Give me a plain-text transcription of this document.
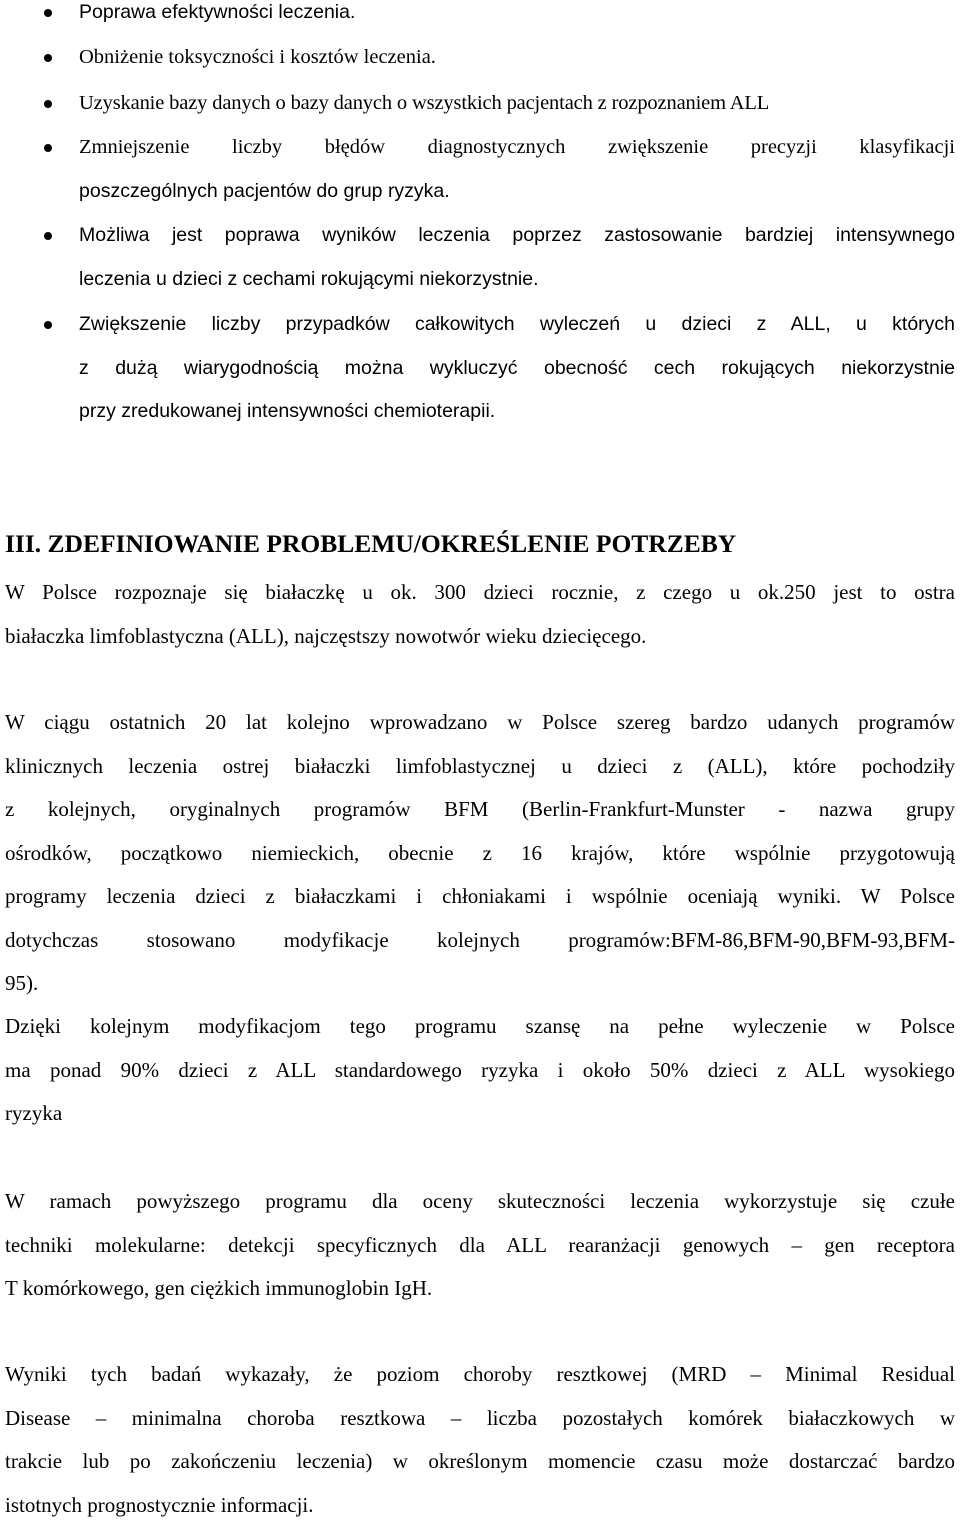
Poprawa efektywności leczenia.
Obniżenie toksyczności i kosztów leczenia.
Uzyskanie bazy danych o bazy danych o wszystkich pacjentach z rozpoznaniem ALL
Zmniejszenie liczby błędów diagnostycznych zwiększenie precyzji klasyfikacji
poszczególnych pacjentów do grup ryzyka.
Możliwa jest poprawa wyników leczenia poprzez zastosowanie bardziej intensywnego
leczenia u dzieci z cechami rokującymi niekorzystnie.
Zwiększenie liczby przypadków całkowitych wyleczeń u dzieci z ALL, u których
z dużą wiarygodnością można wykluczyć obecność cech rokujących niekorzystnie
przy zredukowanej intensywności chemioterapii.
III. ZDEFINIOWANIE PROBLEMU/OKREŚLENIE POTRZEBY
W Polsce rozpoznaje się białaczkę u ok. 300 dzieci rocznie, z czego u ok.250 jest to ostra
białaczka limfoblastyczna (ALL), najczęstszy nowotwór wieku dziecięcego.
W ciągu ostatnich 20 lat kolejno wprowadzano w Polsce szereg bardzo udanych programów
klinicznych leczenia ostrej białaczki limfoblastycznej u dzieci z (ALL), które pochodziły
z kolejnych, oryginalnych programów BFM (Berlin-Frankfurt-Munster - nazwa grupy
ośrodków, początkowo niemieckich, obecnie z 16 krajów, które wspólnie przygotowują
programy leczenia dzieci z białaczkami i chłoniakami i wspólnie oceniają wyniki. W Polsce
dotychczas stosowano modyfikacje kolejnych programów:BFM-86,BFM-90,BFM-93,BFM-
95).
Dzięki kolejnym modyfikacjom tego programu szansę na pełne wyleczenie w Polsce
ma ponad 90% dzieci z ALL standardowego ryzyka i około 50% dzieci z ALL wysokiego
ryzyka
W ramach powyższego programu dla oceny skuteczności leczenia wykorzystuje się czułe
techniki molekularne: detekcji specyficznych dla ALL rearanżacji genowych – gen receptora
T komórkowego, gen ciężkich immunoglobin IgH.
Wyniki tych badań wykazały, że poziom choroby resztkowej (MRD – Minimal Residual
Disease – minimalna choroba resztkowa – liczba pozostałych komórek białaczkowych w
trakcie lub po zakończeniu leczenia) w określonym momencie czasu może dostarczać bardzo
istotnych prognostycznie informacji.
